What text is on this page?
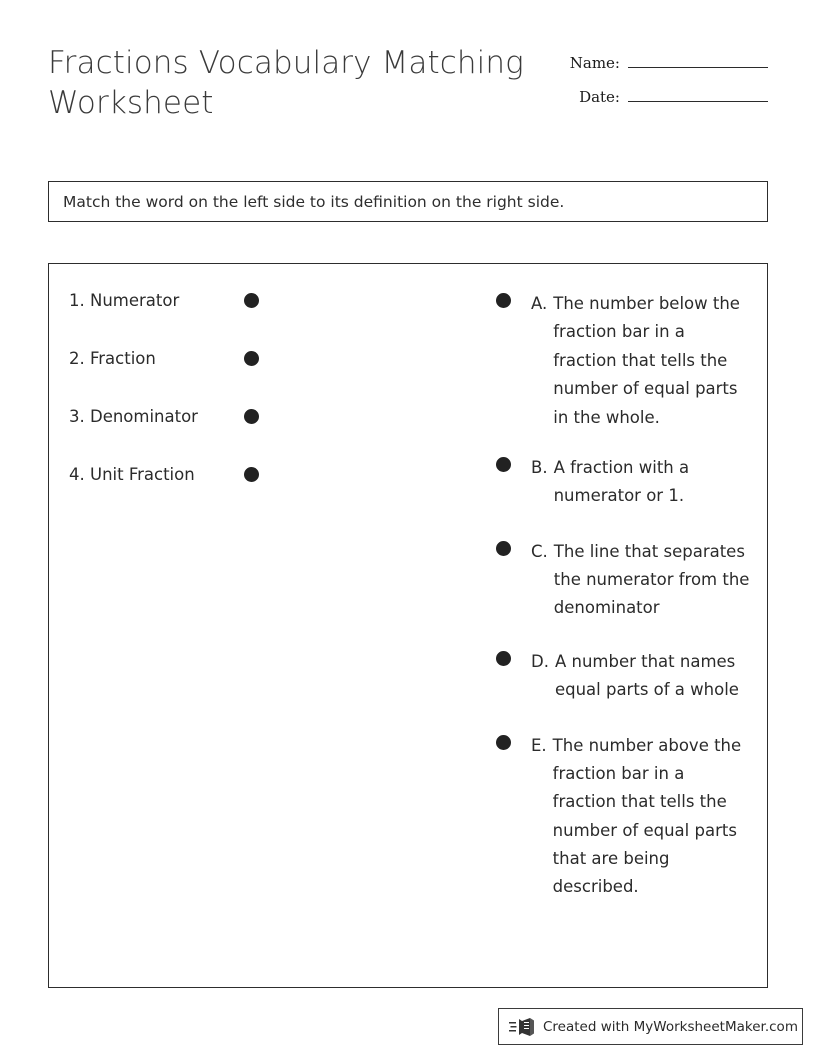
Fractions Vocabulary Matching Worksheet
Name:
Date:
Match the word on the left side to its definition on the right side.
1. Numerator
2. Fraction
3. Denominator
4. Unit Fraction
A. The number below the fraction bar in a fraction that tells the number of equal parts in the whole.
B. A fraction with a numerator or 1.
C. The line that separates the numerator from the denominator
D. A number that names equal parts of a whole
E. The number above the fraction bar in a fraction that tells the number of equal parts that are being described.
Created with MyWorksheetMaker.com
